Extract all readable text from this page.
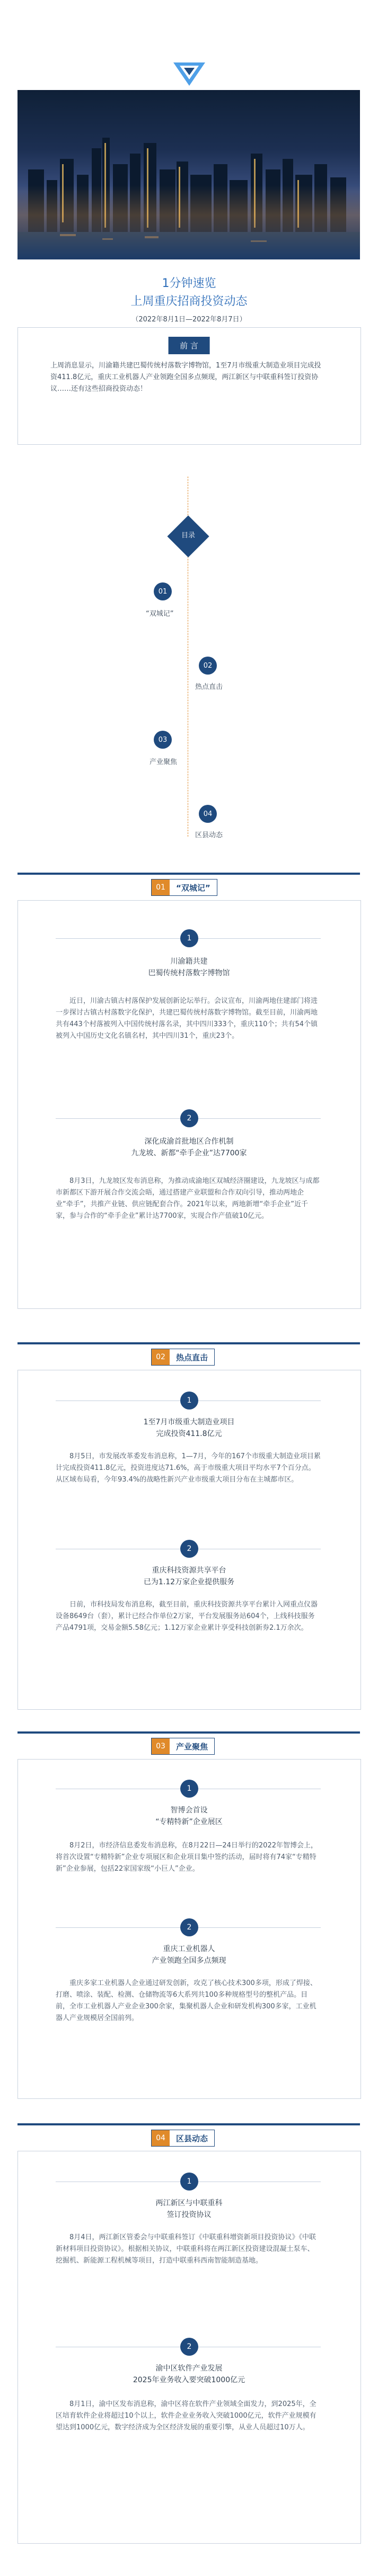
1分钟速览
上周重庆招商投资动态
（2022年8月1日—2022年8月7日）
前 言
上周消息显示，川渝籍共建巴蜀传统村落数字博物馆，1至7月市级重大制造业项目完成投资411.8亿元，重庆工业机器人产业领跑全国多点频现，两江新区与中联重科签订投资协议……还有这些招商投资动态！
目录
01
“双城记”
02
热点直击
03
产业聚焦
04
区县动态
01	“双城记”
1
川渝籍共建
巴蜀传统村落数字博物馆
近日，川渝古镇古村落保护发展创新论坛举行。会议宣布，川渝两地住建部门将进一步探讨古镇古村落数字化保护，共建巴蜀传统村落数字博物馆。截至目前，川渝两地共有443个村落被列入中国传统村落名录，其中四川333个，重庆110个；共有54个镇被列入中国历史文化名镇名村，其中四川31个，重庆23个。
2
深化成渝首批地区合作机制
九龙坡、新都“牵手企业”达7700家
8月3日，九龙坡区发布消息称，为推动成渝地区双城经济圈建设，九龙坡区与成都市新都区下游开展合作交流会晤，通过搭建产业联盟和合作双向引导，推动两地企业“牵手”，共推产业链、供应链配套合作。2021年以来，两地新增“牵手企业”近千家，参与合作的“牵手企业”累计达7700家，实现合作产值破10亿元。
02	热点直击
1
1至7月市级重大制造业项目
完成投资411.8亿元
8月5日，市发展改革委发布消息称，1—7月，今年的167个市级重大制造业项目累计完成投资411.8亿元，投资进度达71.6%，高于市级重大项目平均水平7个百分点。从区域布局看，今年93.4%的战略性新兴产业市级重大项目分布在主城都市区。
2
重庆科技资源共享平台
已为1.12万家企业提供服务
日前，市科技局发布消息称，截至目前，重庆科技资源共享平台累计入网重点仪器设备8649台（套），累计已经合作单位2万家，平台发展服务站604个，上线科技服务产品4791项，交易金额5.58亿元；1.12万家企业累计享受科技创新券2.1万余次。
03	产业聚焦
1
智博会首设
“专精特新”企业展区
8月2日，市经济信息委发布消息称，在8月22日—24日举行的2022年智博会上，将首次设置“专精特新”企业专项展区和企业项目集中签约活动，届时将有74家“专精特新”企业参展，包括22家国家级“小巨人”企业。
2
重庆工业机器人
产业领跑全国多点频现
重庆多家工业机器人企业通过研发创新，攻克了核心技术300多项，形成了焊接、打磨、喷涂、装配、检测、仓储物流等6大系列共100多种规格型号的整机产品。目前，全市工业机器人产业企业300余家，集聚机器人企业和研发机构300多家，工业机器人产业规模居全国前列。
04	区县动态
1
两江新区与中联重科
签订投资协议
8月4日，两江新区管委会与中联重科签订《中联重科增资新项目投资协议》《中联新材料项目投资协议》。根据相关协议，中联重科将在两江新区投资建设混凝土泵车、挖掘机、新能源工程机械等项目，打造中联重科西南智能制造基地。
2
渝中区软件产业发展
2025年业务收入要突破1000亿元
8月1日，渝中区发布消息称，渝中区将在软件产业领域全面发力，到2025年，全区培育软件企业将超过10个以上，软件企业业务收入突破1000亿元，软件产业规模有望达到1000亿元，数字经济成为全区经济发展的重要引擎，从业人员超过10万人。
